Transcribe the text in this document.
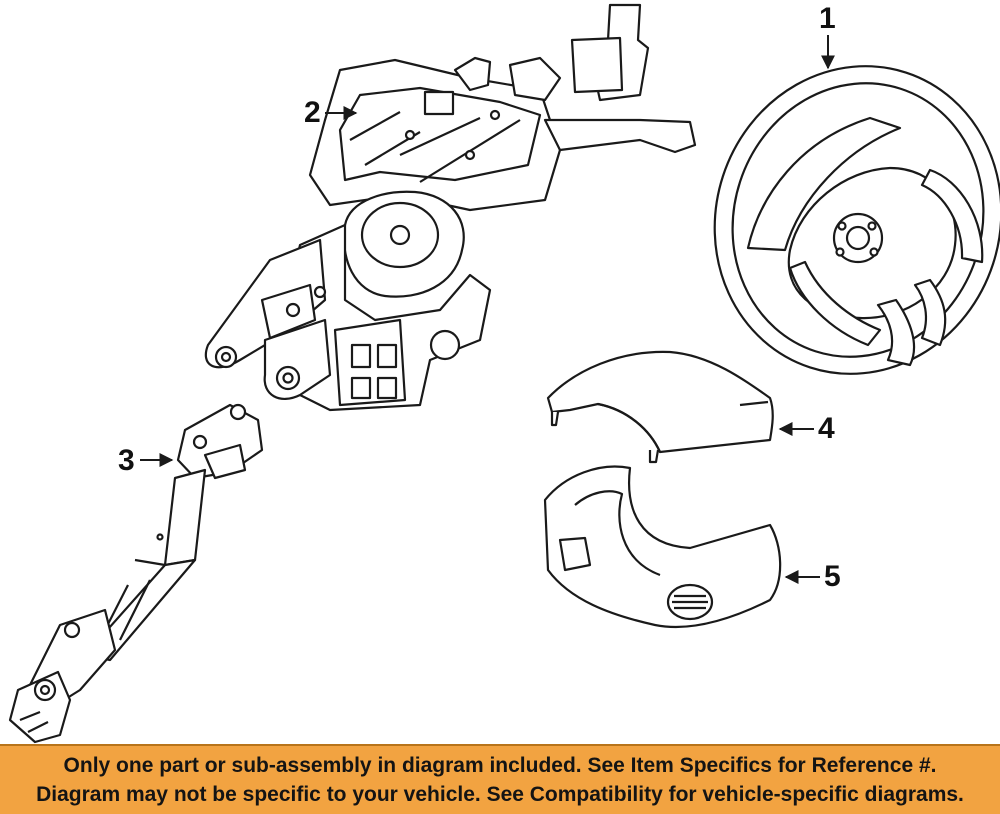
1
2
3
4
5
Only one part or sub-assembly in diagram included. See Item Specifics for Reference #.
Diagram may not be specific to your vehicle. See Compatibility for vehicle-specific diagrams.
